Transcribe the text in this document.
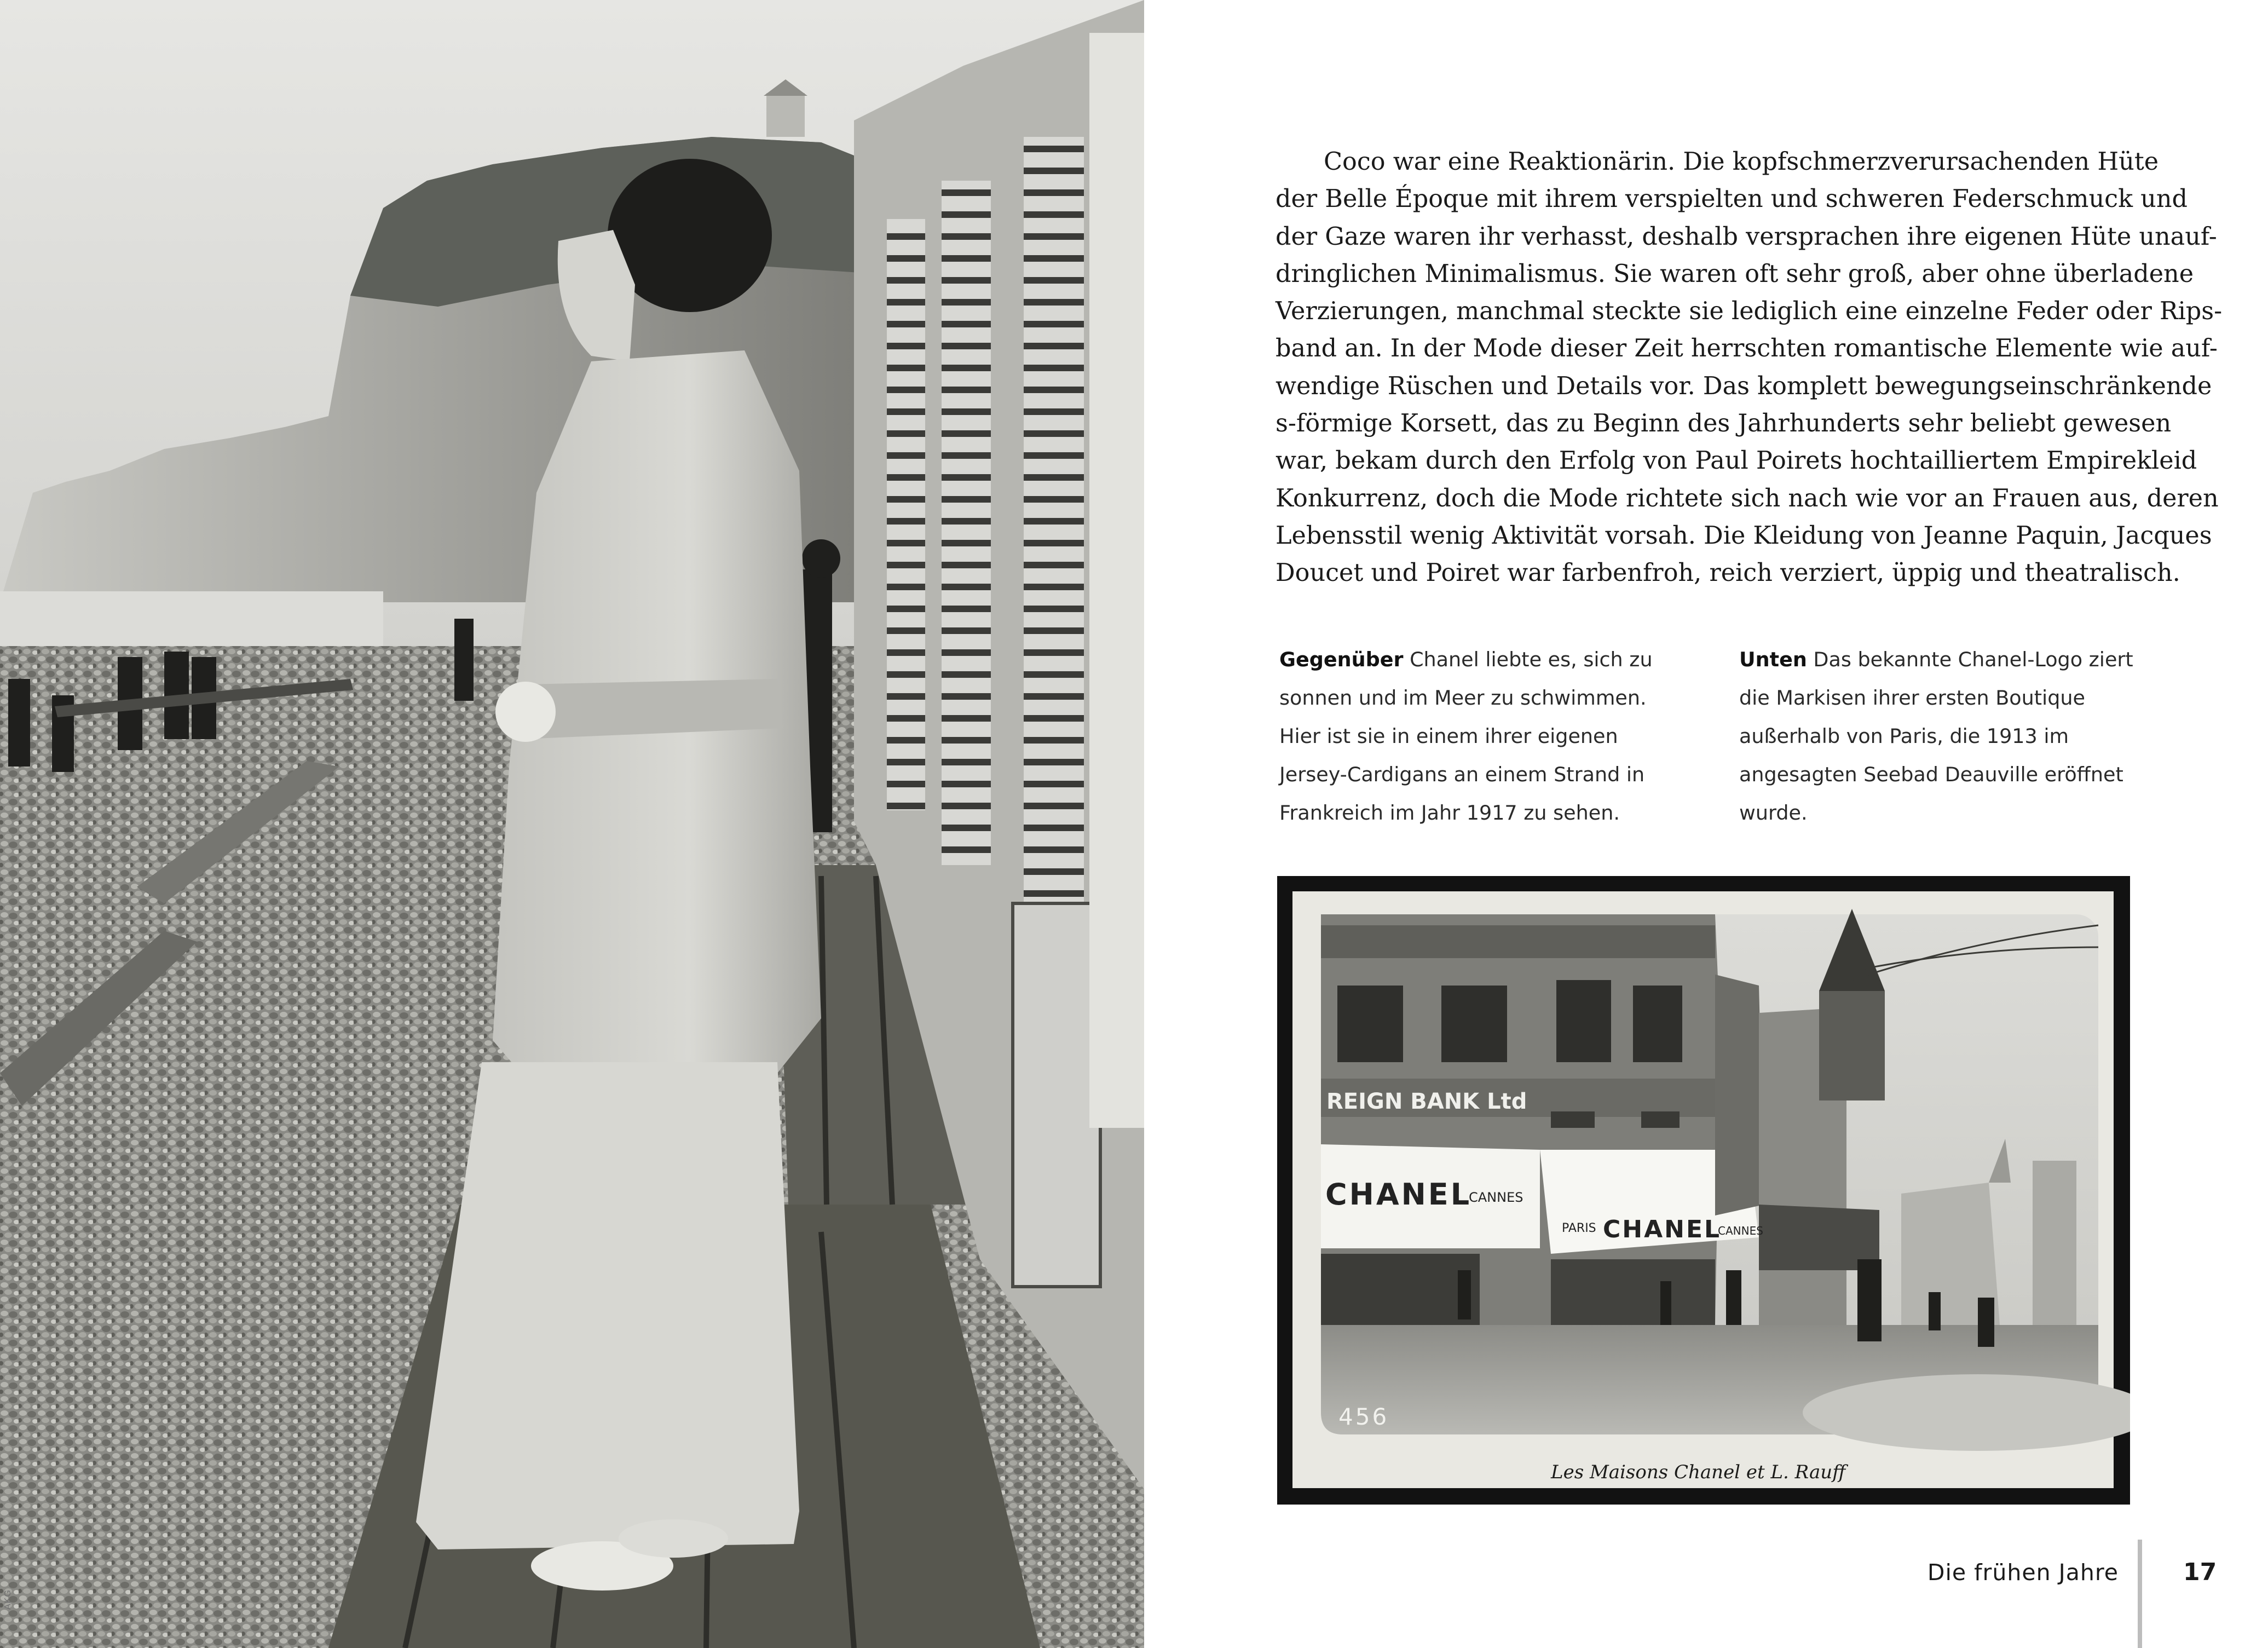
AKG
Coco war eine Reaktionärin. Die kopfschmerzverursachenden Hüte
der Belle Époque mit ihrem verspielten und schweren Federschmuck und
der Gaze waren ihr verhasst, deshalb versprachen ihre eigenen Hüte unauf-
dringlichen Minimalismus. Sie waren oft sehr groß, aber ohne überladene
Verzierungen, manchmal steckte sie lediglich eine einzelne Feder oder Rips-
band an. In der Mode dieser Zeit herrschten romantische Elemente wie auf-
wendige Rüschen und Details vor. Das komplett bewegungseinschränkende
s-förmige Korsett, das zu Beginn des Jahrhunderts sehr beliebt gewesen
war, bekam durch den Erfolg von Paul Poirets hochtailliertem Empirekleid
Konkurrenz, doch die Mode richtete sich nach wie vor an Frauen aus, deren
Lebensstil wenig Aktivität vorsah. Die Kleidung von Jeanne Paquin, Jacques
Doucet und Poiret war farbenfroh, reich verziert, üppig und theatralisch.
Gegenüber Chanel liebte es, sich zu
sonnen und im Meer zu schwimmen.
Hier ist sie in einem ihrer eigenen
Jersey-Cardigans an einem Strand in
Frankreich im Jahr 1917 zu sehen.
Unten Das bekannte Chanel-Logo ziert
die Markisen ihrer ersten Boutique
außerhalb von Paris, die 1913 im
angesagten Seebad Deauville eröffnet
wurde.
REIGN BANK Ltd
CHANEL
CANNES
PARIS CHANEL
CANNES
456
Les Maisons Chanel et L. Rauff
Die frühen Jahre	17
